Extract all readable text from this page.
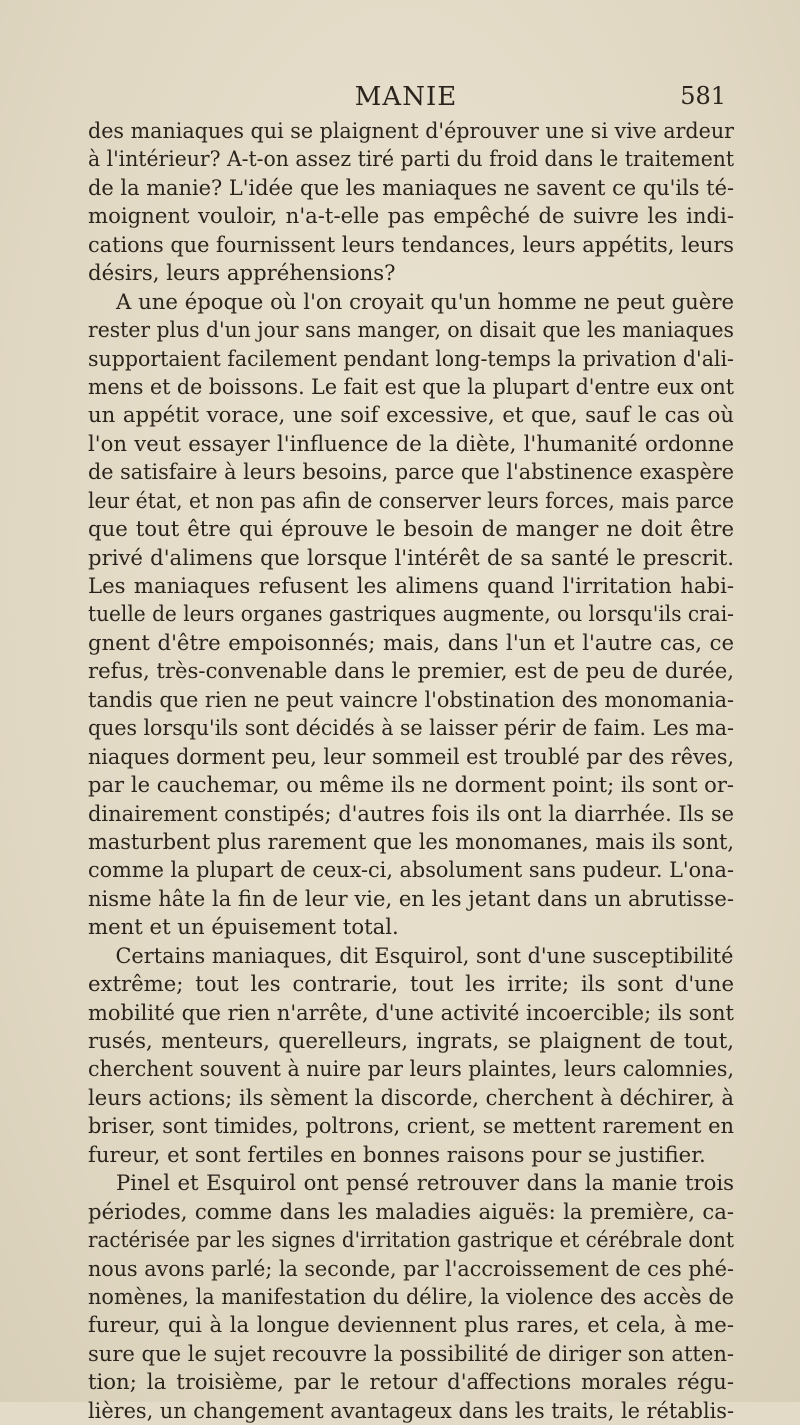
MANIE	581
des maniaques qui se plaignent d'éprouver une si vive ardeur
à l'intérieur? A-t-on assez tiré parti du froid dans le traitement
de la manie? L'idée que les maniaques ne savent ce qu'ils té-
moignent vouloir, n'a-t-elle pas empêché de suivre les indi-
cations que fournissent leurs tendances, leurs appétits, leurs
désirs, leurs appréhensions?
A une époque où l'on croyait qu'un homme ne peut guère
rester plus d'un jour sans manger, on disait que les maniaques
supportaient facilement pendant long-temps la privation d'ali-
mens et de boissons. Le fait est que la plupart d'entre eux ont
un appétit vorace, une soif excessive, et que, sauf le cas où
l'on veut essayer l'influence de la diète, l'humanité ordonne
de satisfaire à leurs besoins, parce que l'abstinence exaspère
leur état, et non pas afin de conserver leurs forces, mais parce
que tout être qui éprouve le besoin de manger ne doit être
privé d'alimens que lorsque l'intérêt de sa santé le prescrit.
Les maniaques refusent les alimens quand l'irritation habi-
tuelle de leurs organes gastriques augmente, ou lorsqu'ils crai-
gnent d'être empoisonnés; mais, dans l'un et l'autre cas, ce
refus, très-convenable dans le premier, est de peu de durée,
tandis que rien ne peut vaincre l'obstination des monomania-
ques lorsqu'ils sont décidés à se laisser périr de faim. Les ma-
niaques dorment peu, leur sommeil est troublé par des rêves,
par le cauchemar, ou même ils ne dorment point; ils sont or-
dinairement constipés; d'autres fois ils ont la diarrhée. Ils se
masturbent plus rarement que les monomanes, mais ils sont,
comme la plupart de ceux-ci, absolument sans pudeur. L'ona-
nisme hâte la fin de leur vie, en les jetant dans un abrutisse-
ment et un épuisement total.
Certains maniaques, dit Esquirol, sont d'une susceptibilité
extrême; tout les contrarie, tout les irrite; ils sont d'une
mobilité que rien n'arrête, d'une activité incoercible; ils sont
rusés, menteurs, querelleurs, ingrats, se plaignent de tout,
cherchent souvent à nuire par leurs plaintes, leurs calomnies,
leurs actions; ils sèment la discorde, cherchent à déchirer, à
briser, sont timides, poltrons, crient, se mettent rarement en
fureur, et sont fertiles en bonnes raisons pour se justifier.
Pinel et Esquirol ont pensé retrouver dans la manie trois
périodes, comme dans les maladies aiguës: la première, ca-
ractérisée par les signes d'irritation gastrique et cérébrale dont
nous avons parlé; la seconde, par l'accroissement de ces phé-
nomènes, la manifestation du délire, la violence des accès de
fureur, qui à la longue deviennent plus rares, et cela, à me-
sure que le sujet recouvre la possibilité de diriger son atten-
tion; la troisième, par le retour d'affections morales régu-
lières, un changement avantageux dans les traits, le rétablis-
